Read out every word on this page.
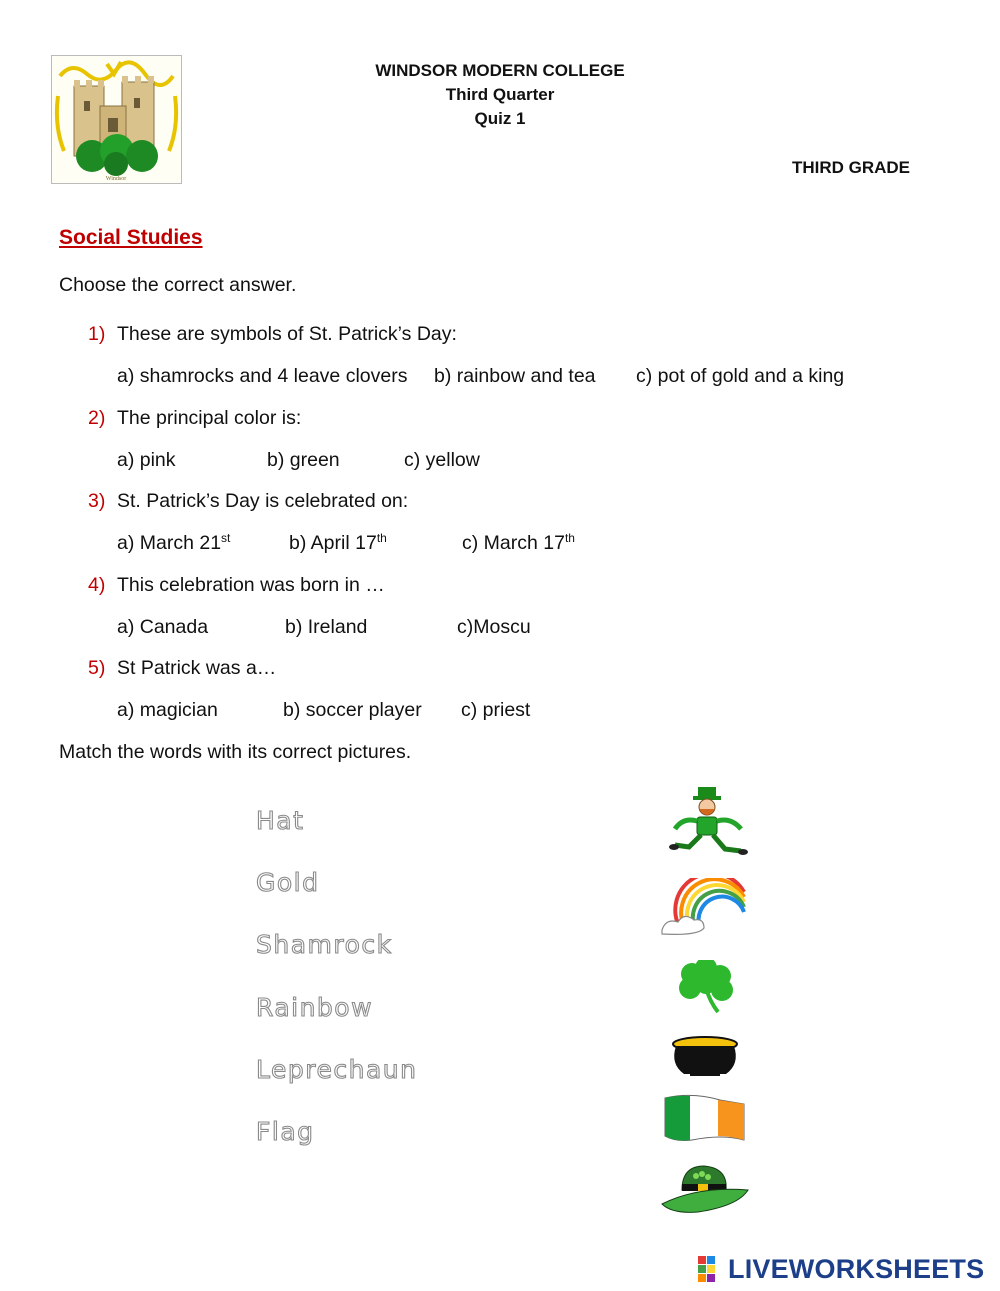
Windsor
WINDSOR MODERN COLLEGE
Third Quarter
Quiz 1
THIRD GRADE
Social Studies
Choose the correct answer.
1) These are symbols of St. Patrick’s Day:
a) shamrocks and 4 leave clovers b) rainbow and tea c) pot of gold and a king
2) The principal color is:
a) pink	b) green	c) yellow
3) St. Patrick’s Day is celebrated on:
a) March 21st	b) April 17th	c) March 17th
4) This celebration was born in …
a) Canada	b) Ireland	c)Moscu
5) St Patrick was a…
a) magician	b) soccer player c) priest
Match the words with its correct pictures.
Hat
Gold
Shamrock
Rainbow
Leprechaun
Flag
LIVEWORKSHEETS
